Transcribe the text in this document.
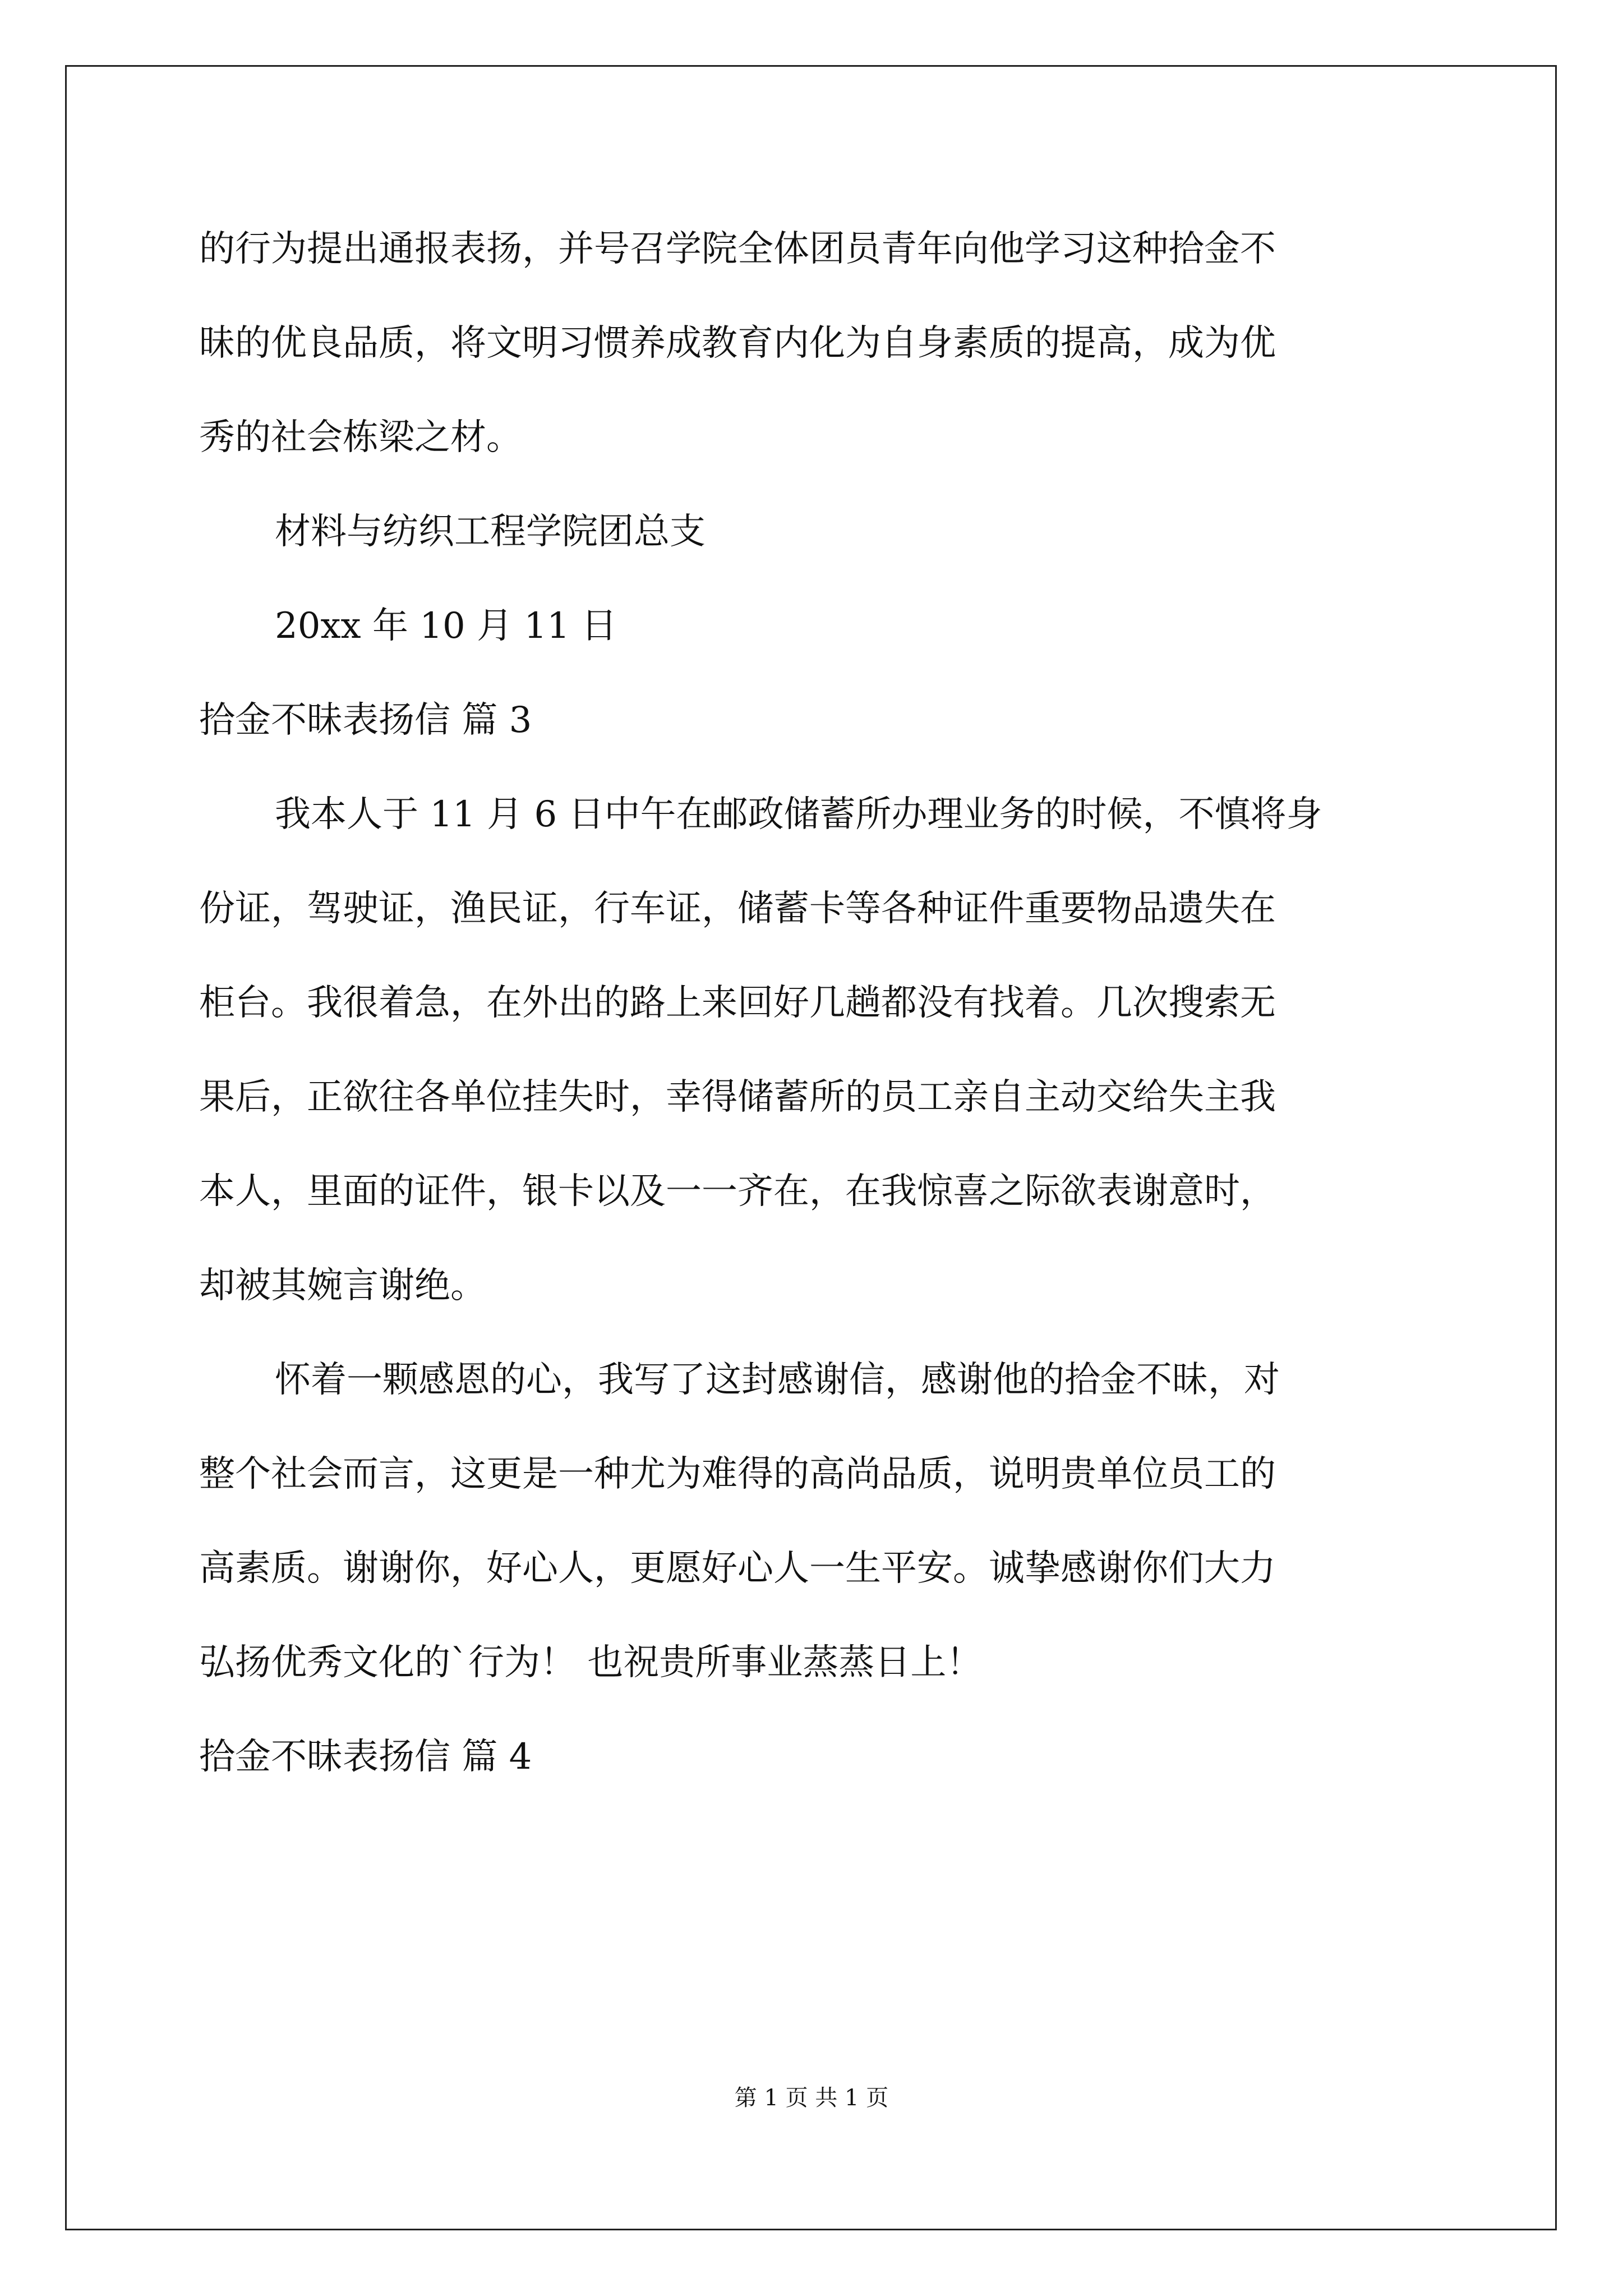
的行为提出通报表扬，并号召学院全体团员青年向他学习这种拾金不
昧的优良品质，将文明习惯养成教育内化为自身素质的提高，成为优
秀的社会栋梁之材。
材料与纺织工程学院团总支
20xx 年 10 月 11 日
拾金不昧表扬信 篇 3
我本人于 11 月 6 日中午在邮政储蓄所办理业务的时候，不慎将身
份证，驾驶证，渔民证，行车证，储蓄卡等各种证件重要物品遗失在
柜台。我很着急，在外出的路上来回好几趟都没有找着。几次搜索无
果后，正欲往各单位挂失时，幸得储蓄所的员工亲自主动交给失主我
本人，里面的证件，银卡以及一一齐在，在我惊喜之际欲表谢意时，
却被其婉言谢绝。
怀着一颗感恩的心，我写了这封感谢信，感谢他的拾金不昧，对
整个社会而言，这更是一种尤为难得的高尚品质，说明贵单位员工的
高素质。谢谢你，好心人，更愿好心人一生平安。诚挚感谢你们大力
弘扬优秀文化的`行为！ 也祝贵所事业蒸蒸日上！
拾金不昧表扬信 篇 4
第 1 页 共 1 页
